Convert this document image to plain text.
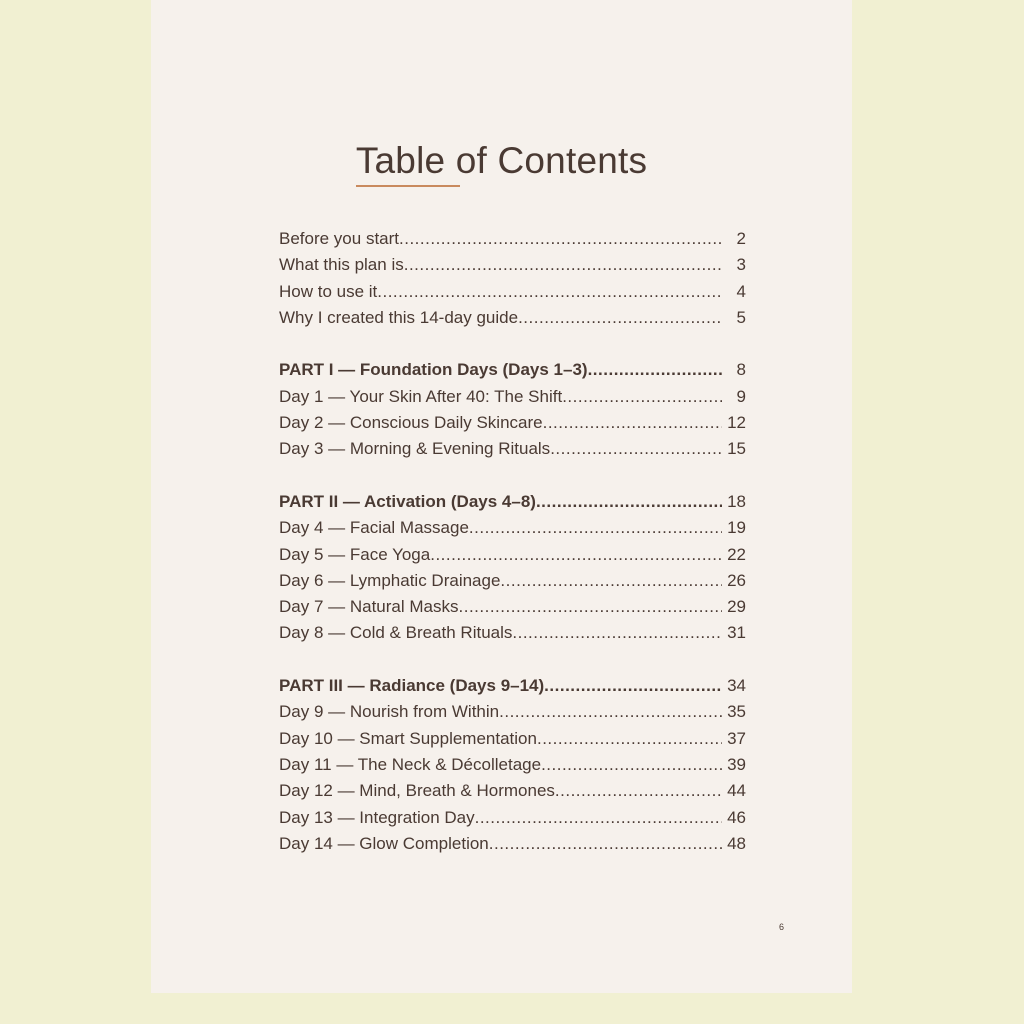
Table of Contents
Before you start .....	2
What this plan is .....	3
How to use it .....	4
Why I created this 14-day guide .....	5
PART I — Foundation Days (Days 1–3) .....	8
Day 1 — Your Skin After 40: The Shift .....	9
Day 2 — Conscious Daily Skincare .....	12
Day 3 — Morning & Evening Rituals .....	15
PART II — Activation (Days 4–8) .....	18
Day 4 — Facial Massage .....	19
Day 5 — Face Yoga .....	22
Day 6 — Lymphatic Drainage .....	26
Day 7 — Natural Masks .....	29
Day 8 — Cold & Breath Rituals .....	31
PART III — Radiance (Days 9–14) .....	34
Day 9 — Nourish from Within .....	35
Day 10 — Smart Supplementation .....	37
Day 11 — The Neck & Décolletage .....	39
Day 12 — Mind, Breath & Hormones .....	44
Day 13 — Integration Day .....	46
Day 14 — Glow Completion .....	48
6
